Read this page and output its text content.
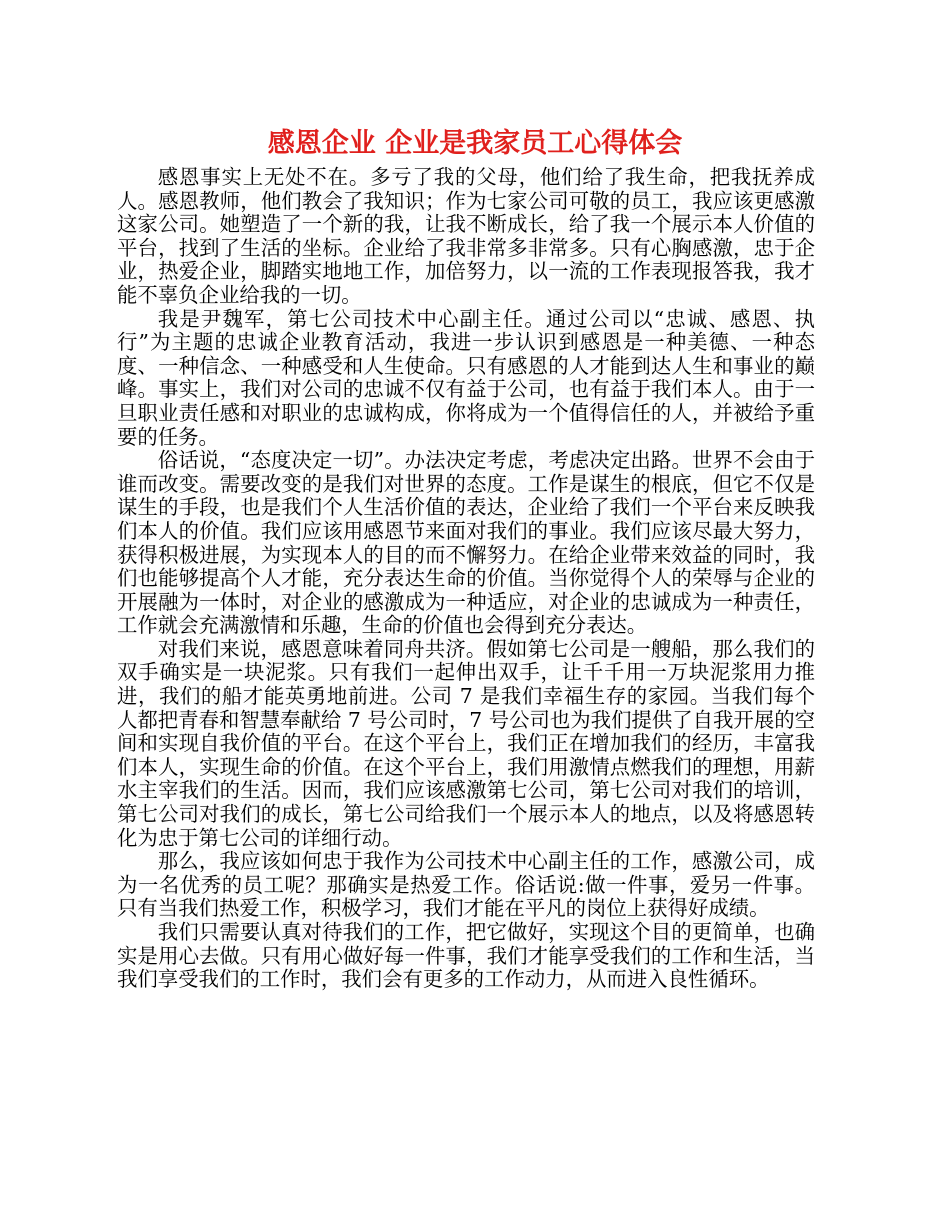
感恩企业 企业是我家员工心得体会

感恩事实上无处不在。多亏了我的父母，他们给了我生命，把我抚养成人。感恩教师，他们教会了我知识；作为七家公司可敬的员工，我应该更感激这家公司。她塑造了一个新的我，让我不断成长，给了我一个展示本人价值的平台，找到了生活的坐标。企业给了我非常多非常多。只有心胸感激，忠于企业，热爱企业，脚踏实地地工作，加倍努力，以一流的工作表现报答我，我才能不辜负企业给我的一切。

我是尹魏军，第七公司技术中心副主任。通过公司以“忠诚、感恩、执行”为主题的忠诚企业教育活动，我进一步认识到感恩是一种美德、一种态度、一种信念、一种感受和人生使命。只有感恩的人才能到达人生和事业的巅峰。事实上，我们对公司的忠诚不仅有益于公司，也有益于我们本人。由于一旦职业责任感和对职业的忠诚构成，你将成为一个值得信任的人，并被给予重要的任务。

俗话说，“态度决定一切”。办法决定考虑，考虑决定出路。世界不会由于谁而改变。需要改变的是我们对世界的态度。工作是谋生的根底，但它不仅是谋生的手段，也是我们个人生活价值的表达，企业给了我们一个平台来反映我们本人的价值。我们应该用感恩节来面对我们的事业。我们应该尽最大努力，获得积极进展，为实现本人的目的而不懈努力。在给企业带来效益的同时，我们也能够提高个人才能，充分表达生命的价值。当你觉得个人的荣辱与企业的开展融为一体时，对企业的感激成为一种适应，对企业的忠诚成为一种责任，工作就会充满激情和乐趣，生命的价值也会得到充分表达。

对我们来说，感恩意味着同舟共济。假如第七公司是一艘船，那么我们的双手确实是一块泥浆。只有我们一起伸出双手，让千千用一万块泥浆用力推进，我们的船才能英勇地前进。公司 7 是我们幸福生存的家园。当我们每个人都把青春和智慧奉献给 7 号公司时，7 号公司也为我们提供了自我开展的空间和实现自我价值的平台。在这个平台上，我们正在增加我们的经历，丰富我们本人，实现生命的价值。在这个平台上，我们用激情点燃我们的理想，用薪水主宰我们的生活。因而，我们应该感激第七公司，第七公司对我们的培训，第七公司对我们的成长，第七公司给我们一个展示本人的地点，以及将感恩转化为忠于第七公司的详细行动。

那么，我应该如何忠于我作为公司技术中心副主任的工作，感激公司，成为一名优秀的员工呢？那确实是热爱工作。俗话说:做一件事，爱另一件事。只有当我们热爱工作，积极学习，我们才能在平凡的岗位上获得好成绩。

我们只需要认真对待我们的工作，把它做好，实现这个目的更简单，也确实是用心去做。只有用心做好每一件事，我们才能享受我们的工作和生活，当我们享受我们的工作时，我们会有更多的工作动力，从而进入良性循环。
